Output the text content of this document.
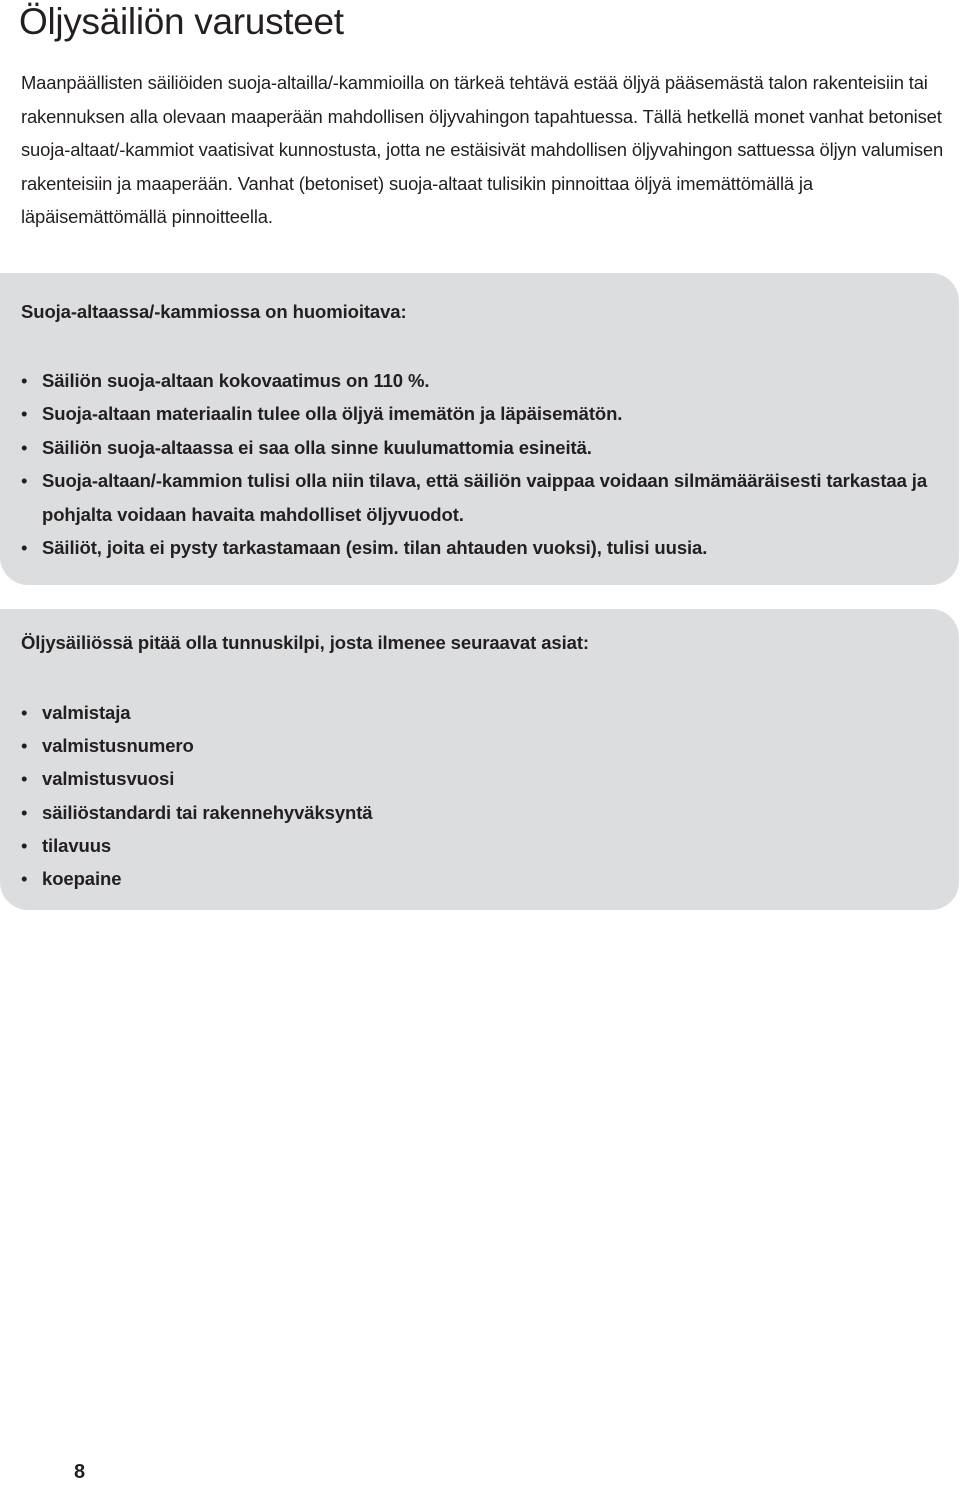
Öljysäiliön varusteet

Maanpäällisten säiliöiden suoja-altailla/-kammioilla on tärkeä tehtävä estää öljyä pääsemästä talon rakenteisiin tai rakennuksen alla olevaan maaperään mahdollisen öljyvahingon tapahtuessa. Tällä hetkellä monet vanhat betoniset suoja-altaat/-kammiot vaatisivat kunnostusta, jotta ne estäisivät mahdollisen öljyvahingon sattuessa öljyn valumisen rakenteisiin ja maaperään. Vanhat (betoniset) suoja-altaat tulisikin pinnoittaa öljyä imemättömällä ja läpäisemättömällä pinnoitteella.

Suoja-altaassa/-kammiossa on huomioitava:
• Säiliön suoja-altaan kokovaatimus on 110 %.
• Suoja-altaan materiaalin tulee olla öljyä imemätön ja läpäisemätön.
• Säiliön suoja-altaassa ei saa olla sinne kuulumattomia esineitä.
• Suoja-altaan/-kammion tulisi olla niin tilava, että säiliön vaippaa voidaan silmämääräisesti tarkastaa ja pohjalta voidaan havaita mahdolliset öljyvuodot.
• Säiliöt, joita ei pysty tarkastamaan (esim. tilan ahtauden vuoksi), tulisi uusia.
Öljysäiliössä pitää olla tunnuskilpi, josta ilmenee seuraavat asiat:
• valmistaja
• valmistusnumero
• valmistusvuosi
• säiliöstandardi tai rakennehyväksyntä
• tilavuus
• koepaine
8
